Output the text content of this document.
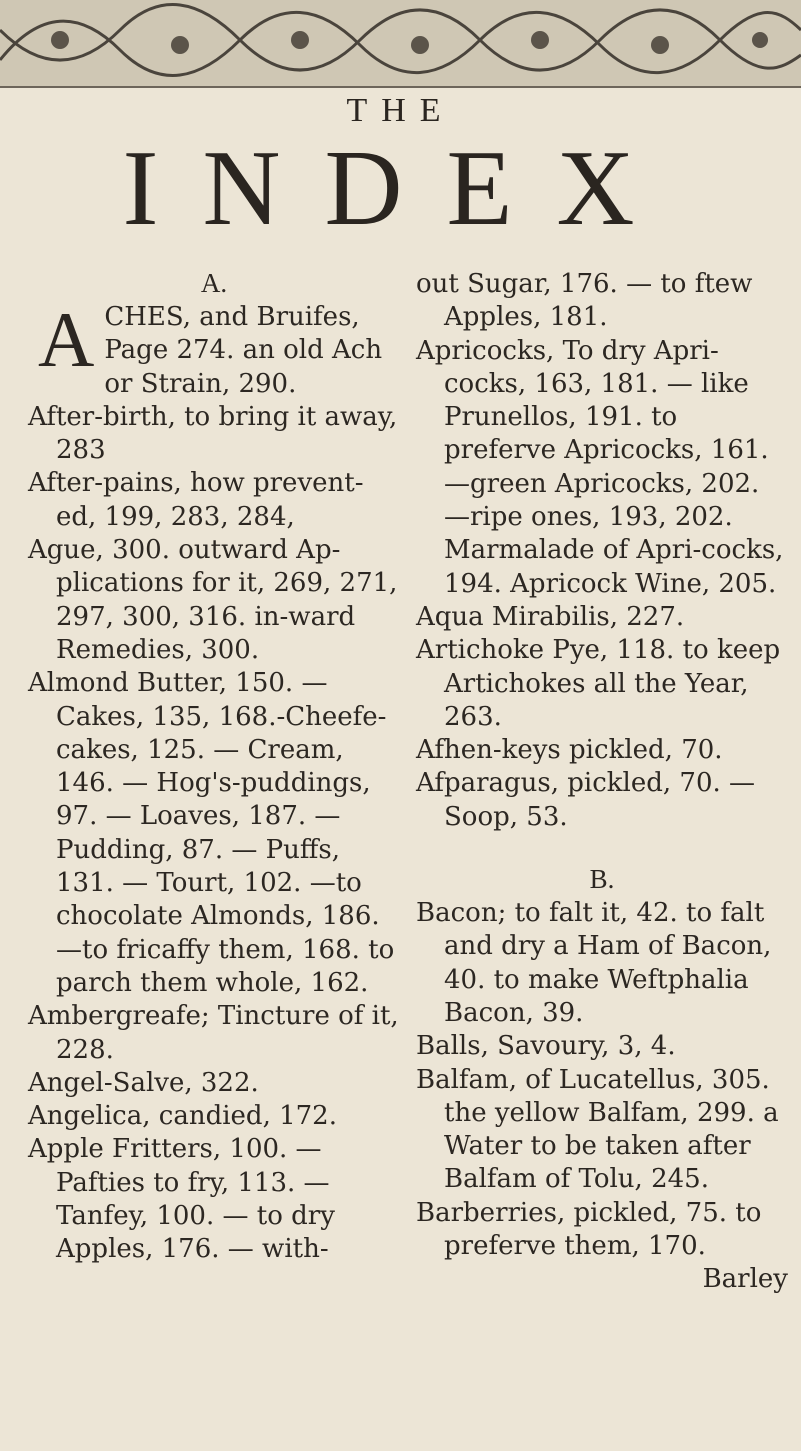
THE
INDEX

A.

A CHES, and Bruifes, Page 274. an old Ach or Strain, 290.

After-birth, to bring it away, 283

After-pains, how prevent-ed, 199, 283, 284,

Ague, 300. outward Ap-plications for it, 269, 271, 297, 300, 316. in-ward Remedies, 300.

Almond Butter, 150. — Cakes, 135, 168.-Cheefe-cakes, 125. — Cream, 146. — Hog's-puddings, 97. — Loaves, 187. — Pudding, 87. — Puffs, 131. — Tourt, 102. —to chocolate Almonds, 186. —to fricaffy them, 168. to parch them whole, 162.

Ambergreafe; Tincture of it, 228.

Angel-Salve, 322.

Angelica, candied, 172.

Apple Fritters, 100. — Pafties to fry, 113. — Tanfey, 100. — to dry Apples, 176. — with-

out Sugar, 176. — to ftew Apples, 181.

Apricocks, To dry Apri-cocks, 163, 181. — like Prunellos, 191. to preferve Apricocks, 161. —green Apricocks, 202. —ripe ones, 193, 202. Marmalade of Apri-cocks, 194. Apricock Wine, 205.

Aqua Mirabilis, 227.

Artichoke Pye, 118. to keep Artichokes all the Year, 263.

Afhen-keys pickled, 70.

Afparagus, pickled, 70. — Soop, 53.

B.

Bacon; to falt it, 42. to falt and dry a Ham of Bacon, 40. to make Weftphalia Bacon, 39.

Balls, Savoury, 3, 4.

Balfam, of Lucatellus, 305. the yellow Balfam, 299. a Water to be taken after Balfam of Tolu, 245.

Barberries, pickled, 75. to preferve them, 170.

Barley
